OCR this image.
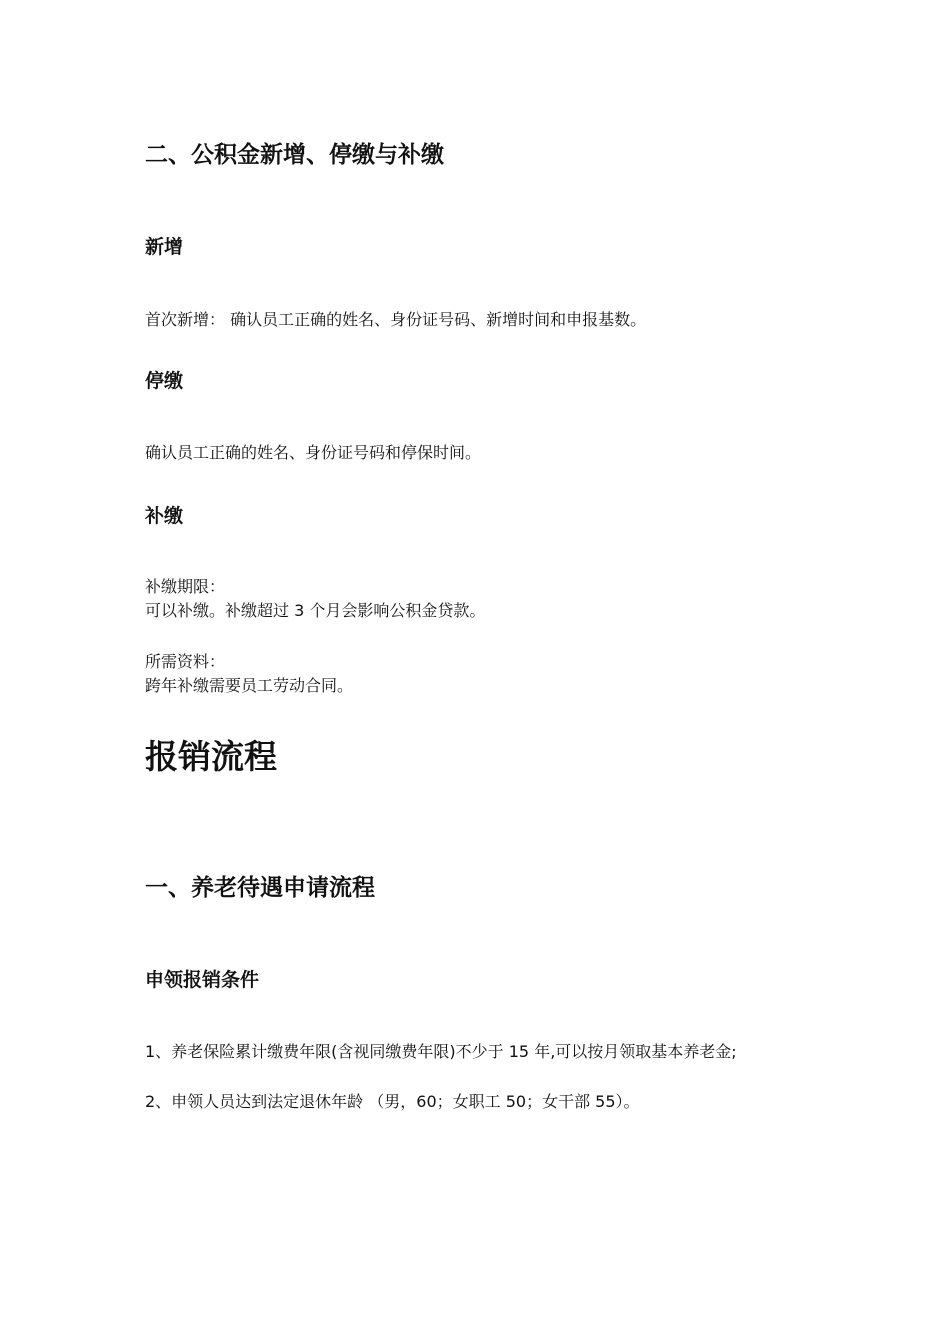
二、公积金新增、停缴与补缴
新增

首次新增： 确认员工正确的姓名、身份证号码、新增时间和申报基数。

停缴

确认员工正确的姓名、身份证号码和停保时间。

补缴

补缴期限：

可以补缴。补缴超过 3 个月会影响公积金贷款。

所需资料：

跨年补缴需要员工劳动合同。

报销流程
一、养老待遇申请流程
申领报销条件

1、养老保险累计缴费年限(含视同缴费年限)不少于 15 年,可以按月领取基本养老金;

2、申领人员达到法定退休年龄 （男，60；女职工 50；女干部 55）。
